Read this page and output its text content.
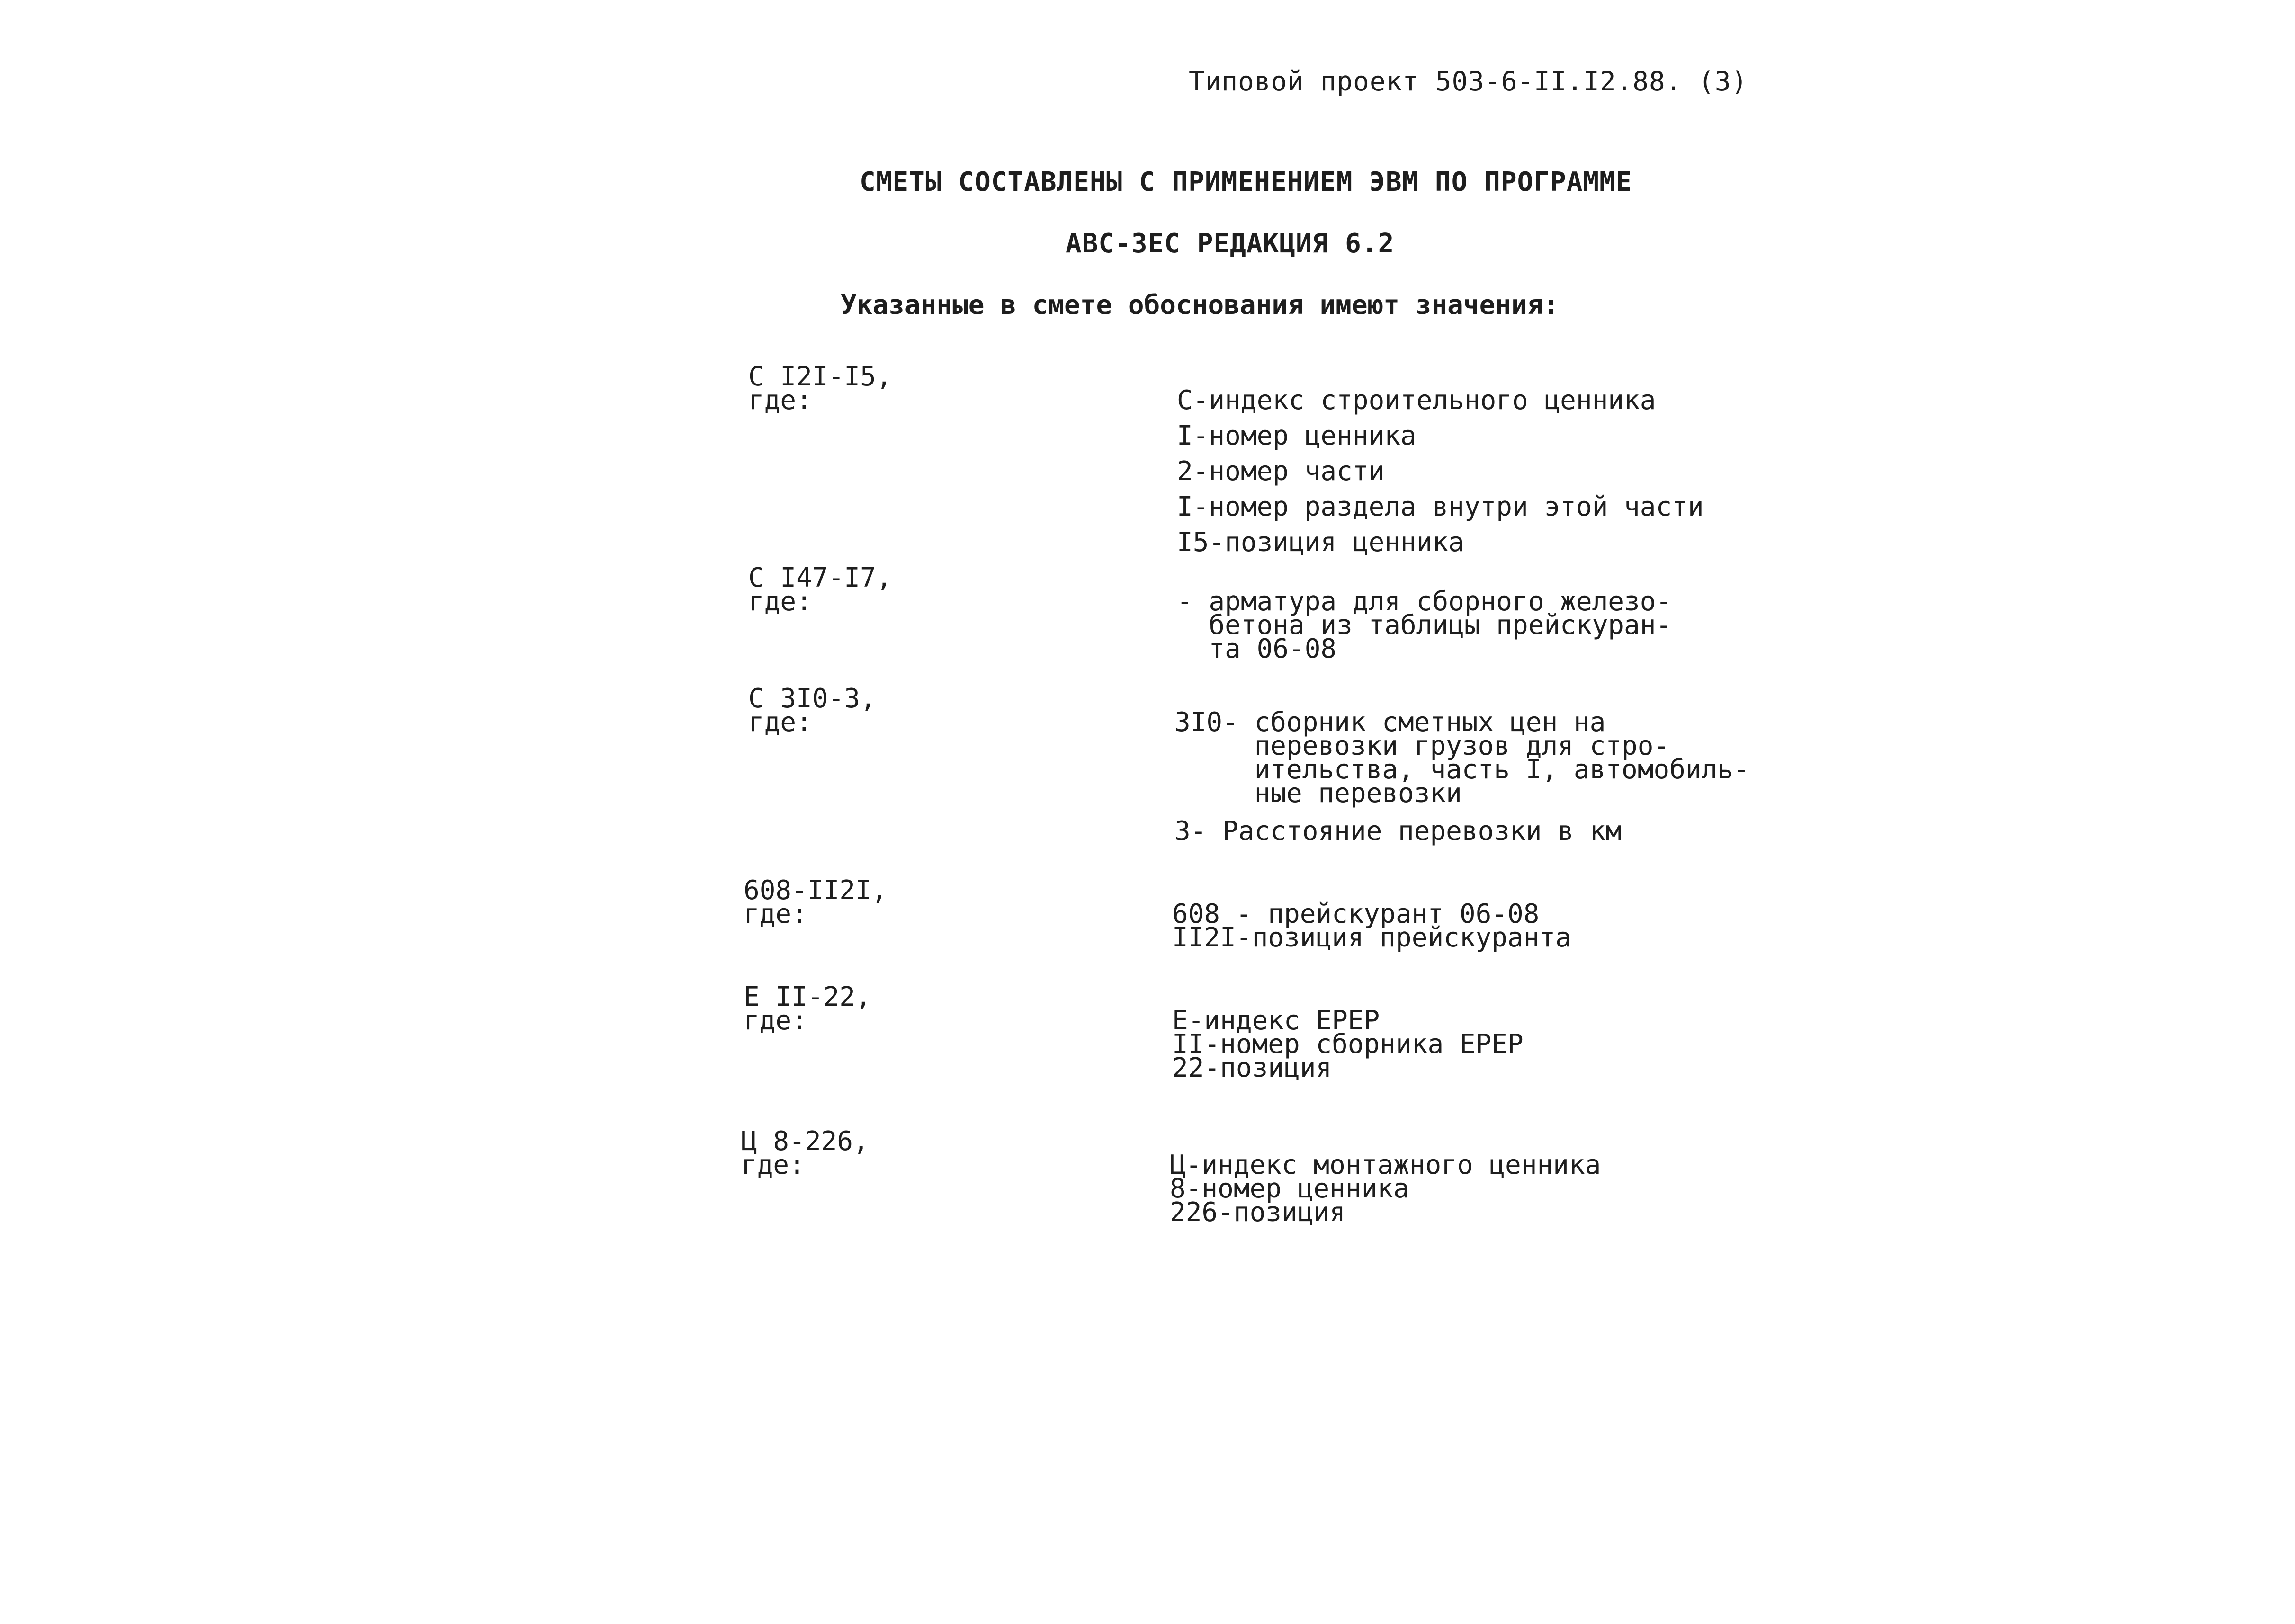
Типовой проект 503-6-II.I2.88. (3)
СМЕТЫ СОСТАВЛЕНЫ С ПРИМЕНЕНИЕМ ЭВМ ПО ПРОГРАММЕ
АВС-ЗЕС РЕДАКЦИЯ 6.2
Указанные в смете обоснования имеют значения:
С I2I-I5,
где:	С-индекс строительного ценника
I-номер ценника
2-номер части
I-номер раздела внутри этой части
I5-позиция ценника
С I47-I7,
где:	- арматура для сборного железо-
бетона из таблицы прейскуран-
та 06-08
С 3I0-3,
где:	3I0- сборник сметных цен на
перевозки грузов для стро-
ительства, часть I, автомобиль-
ные перевозки
3- Расстояние перевозки в км
608-II2I,
где:	608 - прейскурант 06-08
II2I-позиция прейскуранта
Е II-22,
где:	Е-индекс ЕРЕР
II-номер сборника ЕРЕР
22-позиция
Ц 8-226,
где:	Ц-индекс монтажного ценника
8-номер ценника
226-позиция
